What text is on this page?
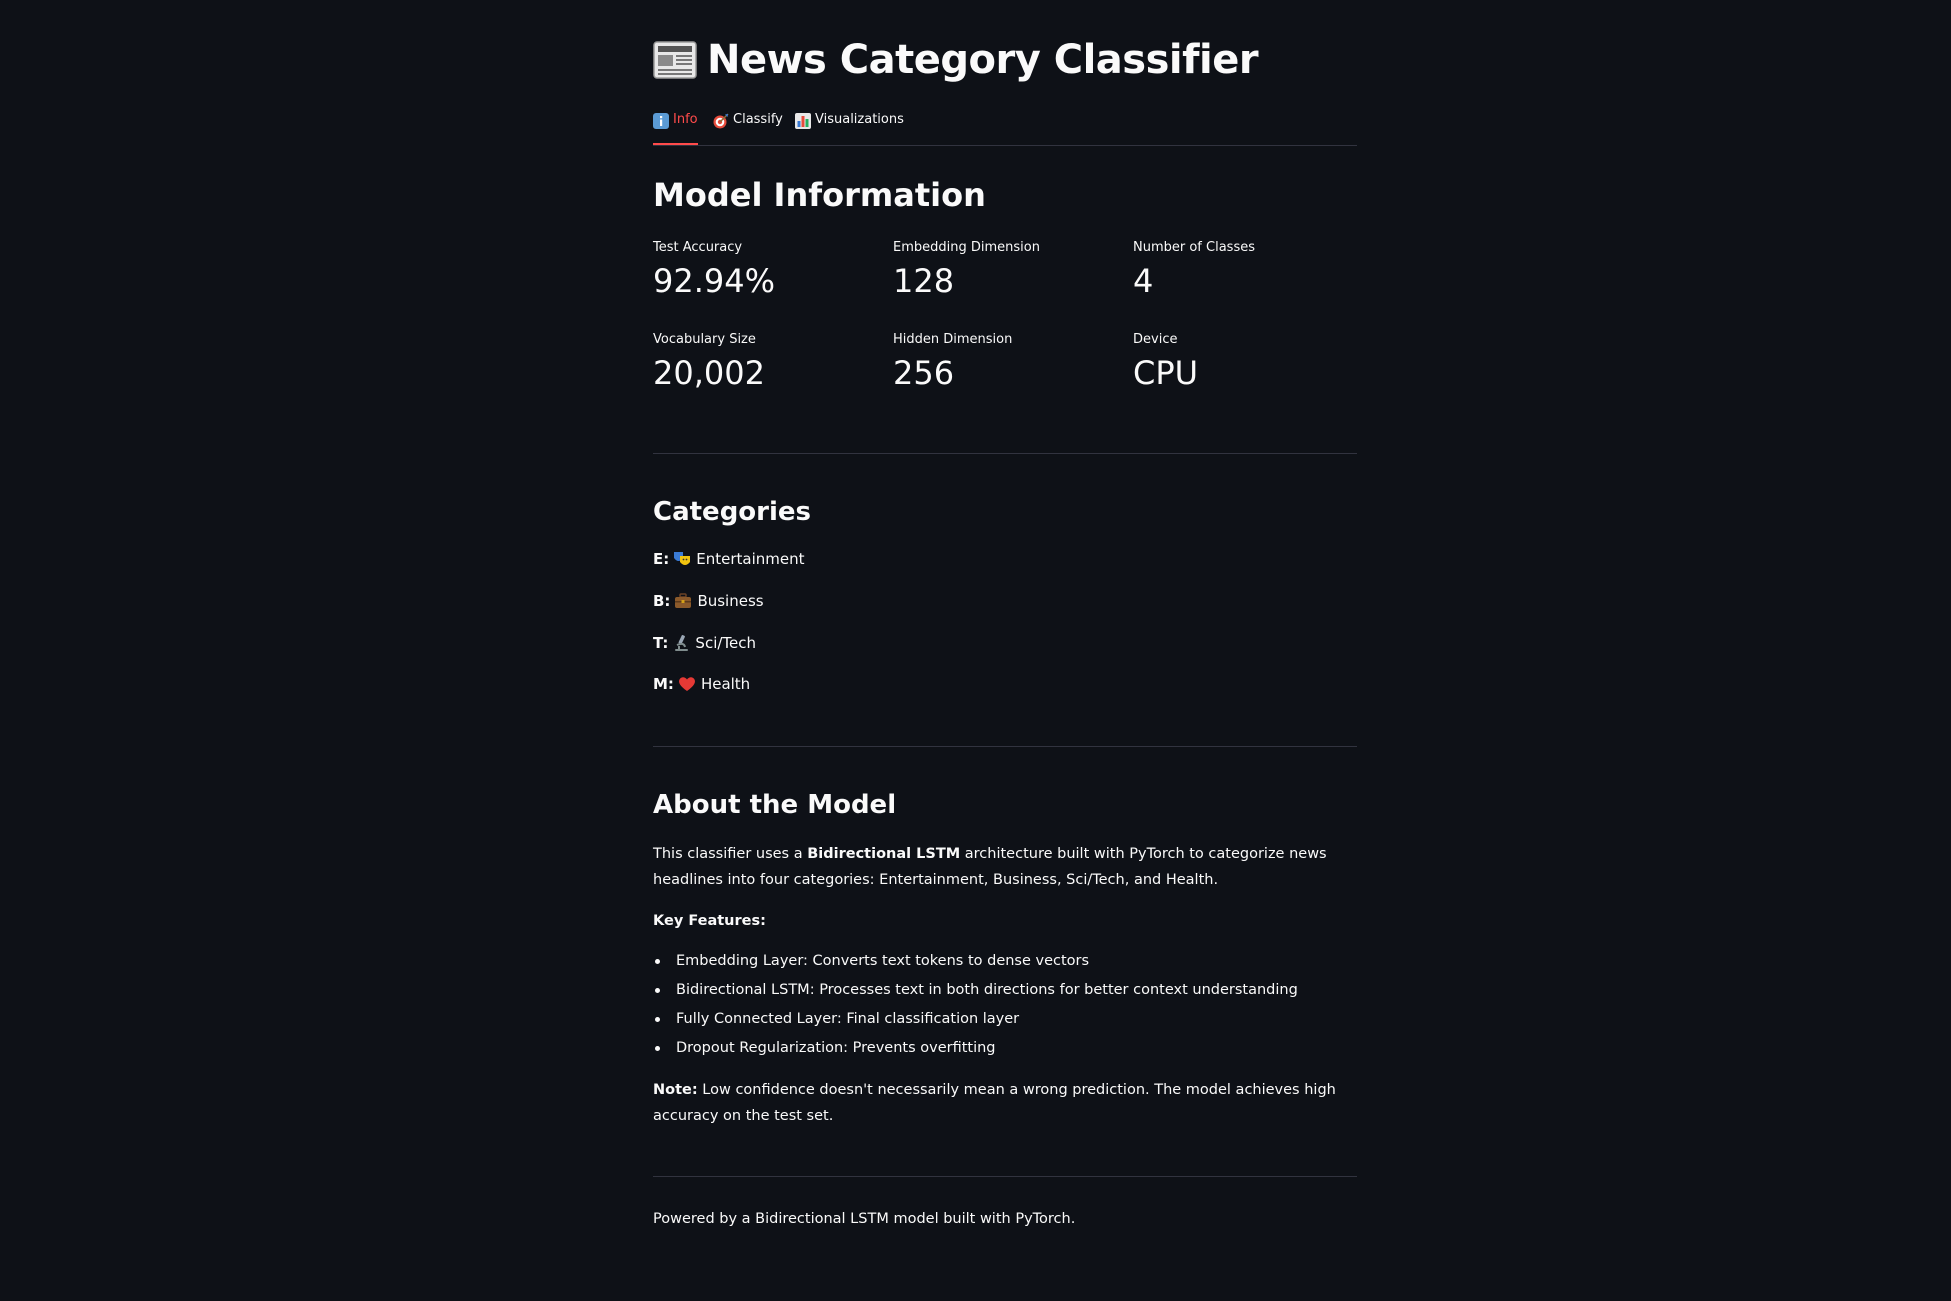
News Category Classifier
Info	Classify Visualizations
Model Information
Test Accuracy
92.94%
Embedding Dimension
128
Number of Classes
4
Vocabulary Size
20,002
Hidden Dimension
256
Device
CPU
Categories
E: Entertainment
B: Business
T: Sci/Tech
M: Health
About the Model
This classifier uses a Bidirectional LSTM architecture built with PyTorch to categorize news headlines into four categories: Entertainment, Business, Sci/Tech, and Health.
Key Features:
Embedding Layer: Converts text tokens to dense vectors
Bidirectional LSTM: Processes text in both directions for better context understanding
Fully Connected Layer: Final classification layer
Dropout Regularization: Prevents overfitting
Note: Low confidence doesn't necessarily mean a wrong prediction. The model achieves high accuracy on the test set.
Powered by a Bidirectional LSTM model built with PyTorch.
